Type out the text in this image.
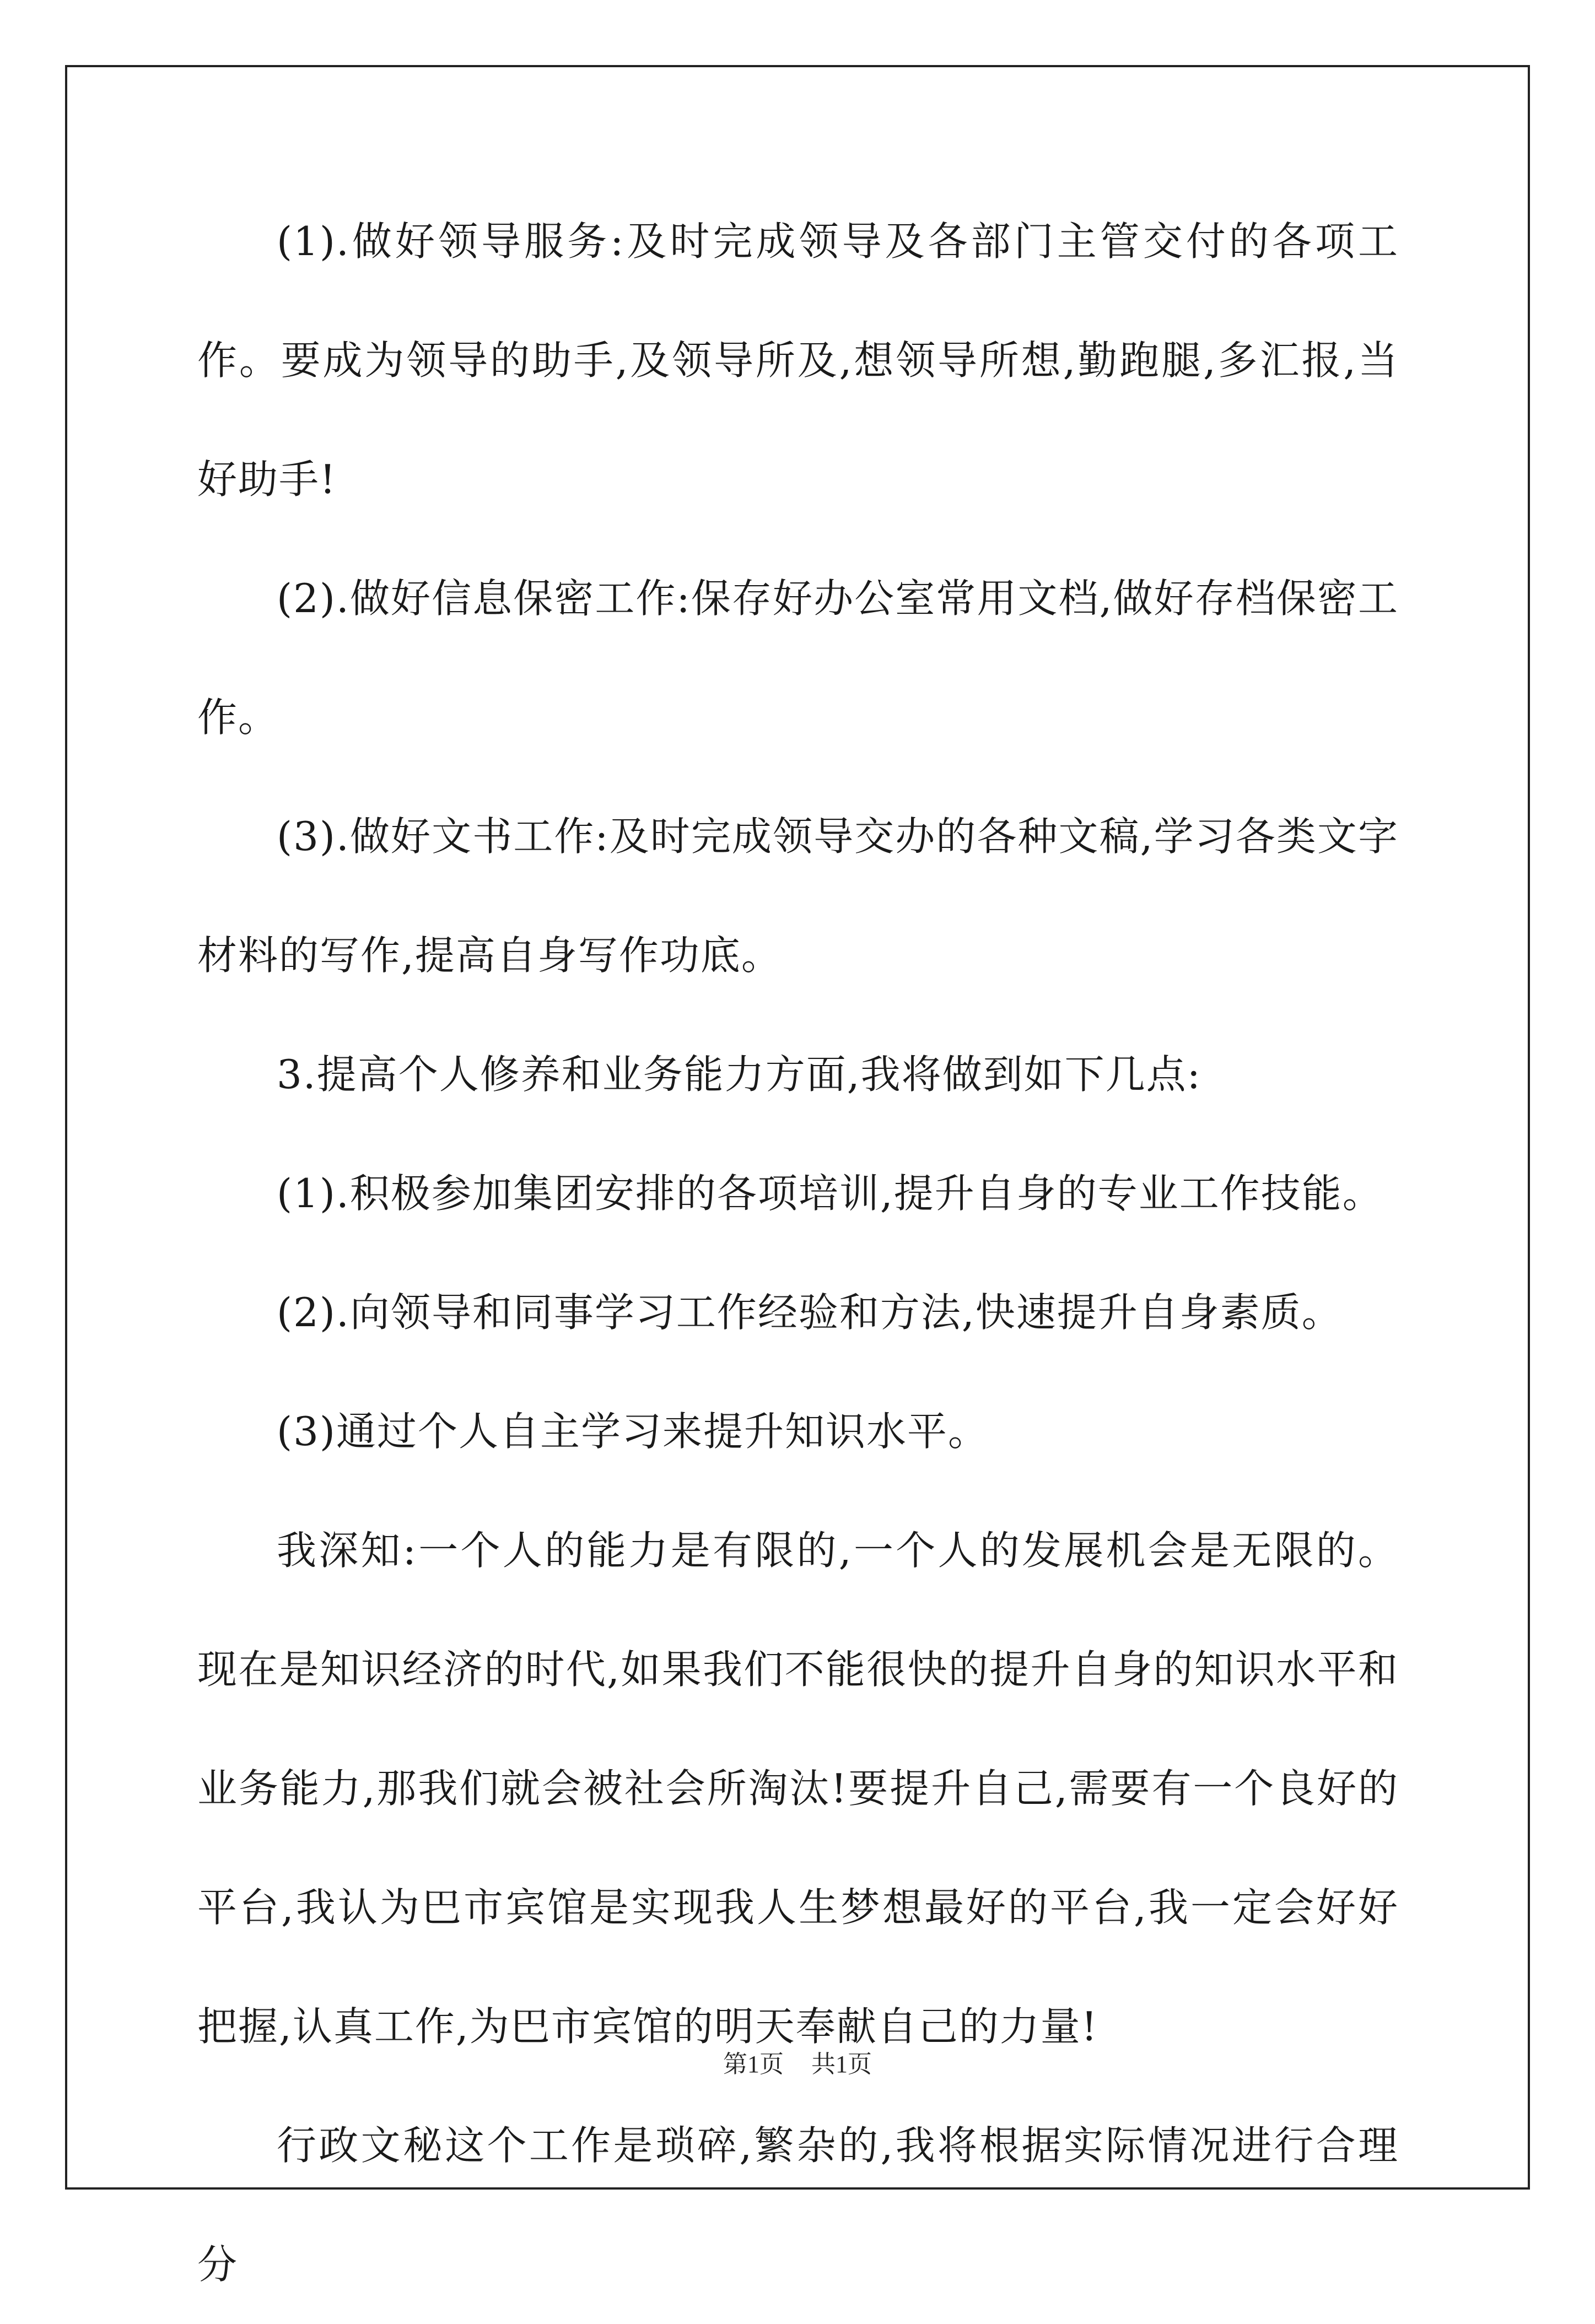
(1).做好领导服务:及时完成领导及各部门主管交付的各项工作。要成为领导的助手,及领导所及,想领导所想,勤跑腿,多汇报,当好助手!

(2).做好信息保密工作:保存好办公室常用文档,做好存档保密工作。

(3).做好文书工作:及时完成领导交办的各种文稿,学习各类文字材料的写作,提高自身写作功底。

3.提高个人修养和业务能力方面,我将做到如下几点:

(1).积极参加集团安排的各项培训,提升自身的专业工作技能。

(2).向领导和同事学习工作经验和方法,快速提升自身素质。

(3)通过个人自主学习来提升知识水平。

我深知:一个人的能力是有限的,一个人的发展机会是无限的。现在是知识经济的时代,如果我们不能很快的提升自身的知识水平和业务能力,那我们就会被社会所淘汰!要提升自己,需要有一个良好的平台,我认为巴市宾馆是实现我人生梦想最好的平台,我一定会好好把握,认真工作,为巴市宾馆的明天奉献自己的力量!

行政文秘这个工作是琐碎,繁杂的,我将根据实际情况进行合理分

第1页 共1页
